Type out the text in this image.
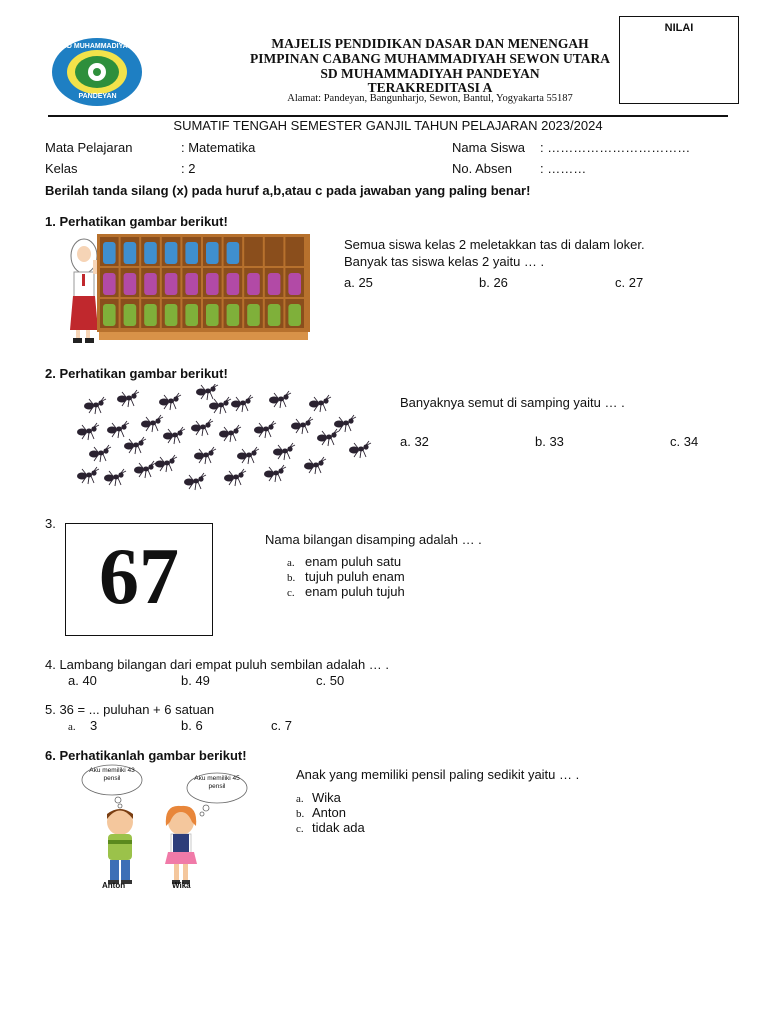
SD MUHAMMADIYAH
PANDEYAN
MAJELIS PENDIDIKAN DASAR DAN MENENGAH
PIMPINAN CABANG MUHAMMADIYAH SEWON UTARA
SD MUHAMMADIYAH PANDEYAN
TERAKREDITASI A
Alamat: Pandeyan, Bangunharjo, Sewon, Bantul, Yogyakarta 55187
NILAI
SUMATIF TENGAH SEMESTER GANJIL TAHUN PELAJARAN 2023/2024
Mata Pelajaran	: Matematika
Kelas	: 2
Nama Siswa : ……………………………
No. Absen : ………
Berilah tanda silang (x) pada huruf a,b,atau c pada jawaban yang paling benar!
1. Perhatikan gambar berikut!
Semua siswa kelas 2 meletakkan tas di dalam loker. Banyak tas siswa kelas 2 yaitu … .
a. 25	b. 26	c. 27
2. Perhatikan gambar berikut!
Banyaknya semut di samping yaitu … .
a. 32	b. 33	c. 34
3.
67	Nama bilangan disamping adalah … .
a. enam puluh satu
b. tujuh puluh enam
c. enam puluh tujuh
4. Lambang bilangan dari empat puluh sembilan adalah … .
a. 40	b. 49	c. 50
5. 36 = ... puluhan + 6 satuan
a. 3	b. 6	c. 7
6. Perhatikanlah gambar berikut!
Aku memiliki 43 pensil	Aku memiliki 45 pensil
Anton	Wika
Anak yang memiliki pensil paling sedikit yaitu … .
a. Wika
b. Anton
c. tidak ada
